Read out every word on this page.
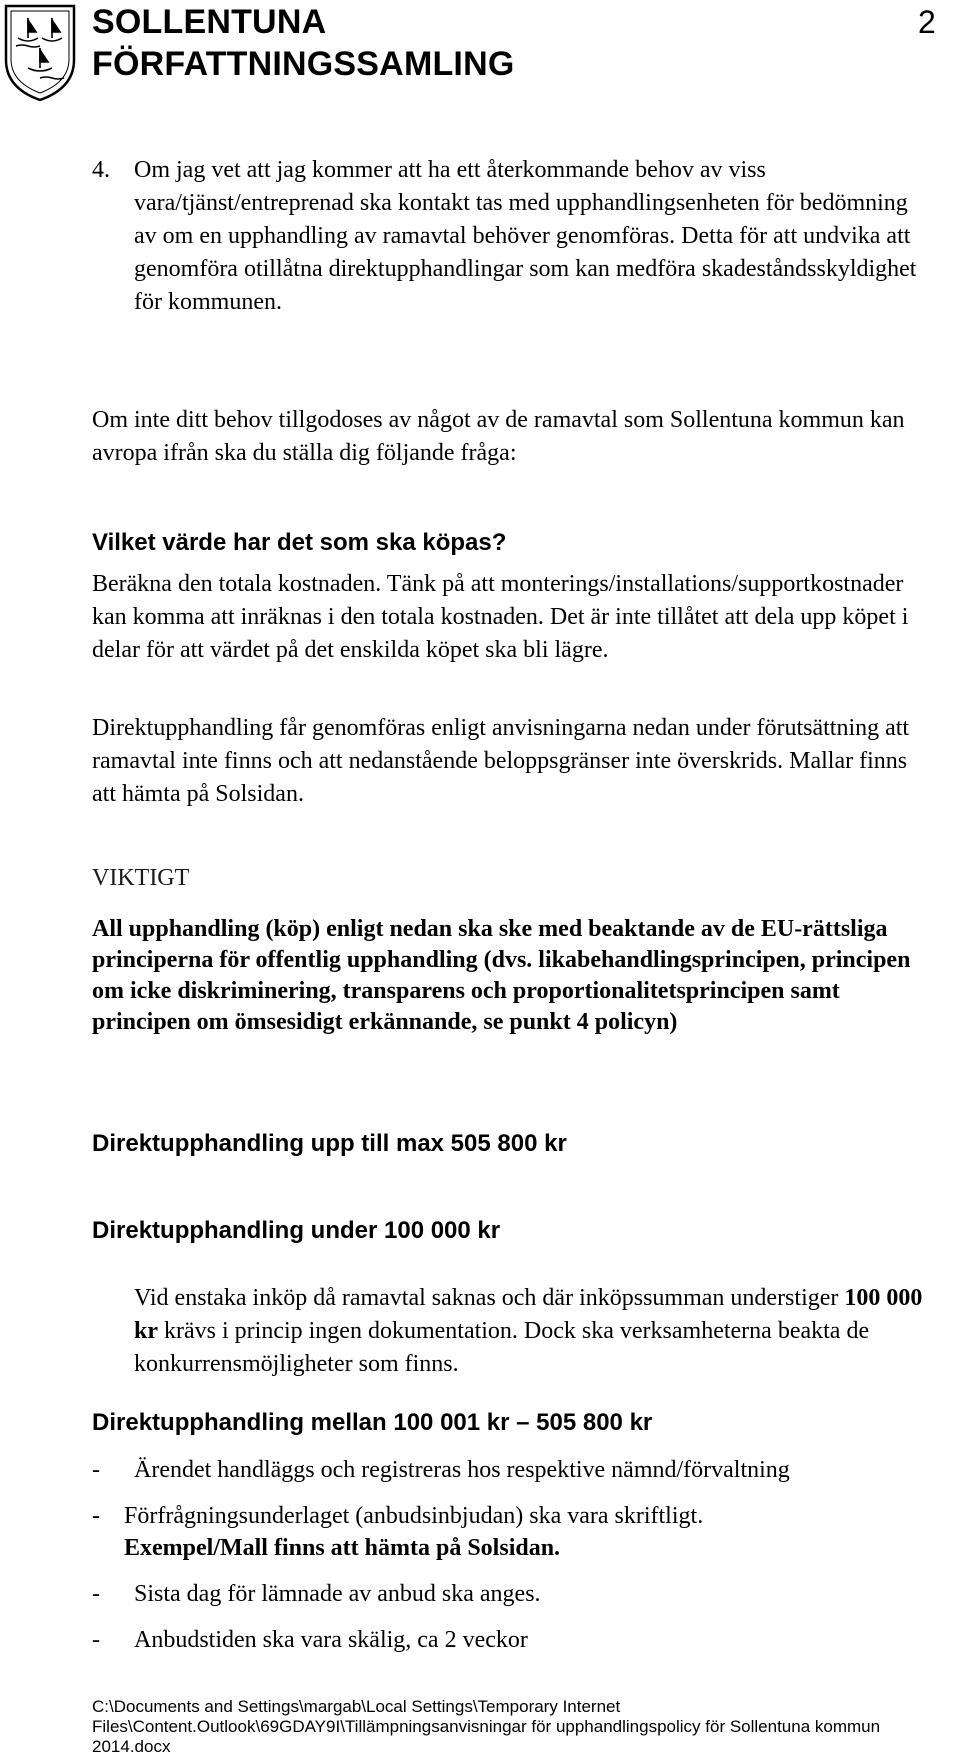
SOLLENTUNA
FÖRFATTNINGSSAMLING
2
4. Om jag vet att jag kommer att ha ett återkommande behov av viss vara/tjänst/entreprenad ska kontakt tas med upphandlingsenheten för bedömning av om en upphandling av ramavtal behöver genomföras. Detta för att undvika att genomföra otillåtna direktupphandlingar som kan medföra skadeståndsskyldighet för kommunen.
Om inte ditt behov tillgodoses av något av de ramavtal som Sollentuna kommun kan avropa ifrån ska du ställa dig följande fråga:
Vilket värde har det som ska köpas?
Beräkna den totala kostnaden. Tänk på att monterings/installations/supportkostnader kan komma att inräknas i den totala kostnaden. Det är inte tillåtet att dela upp köpet i delar för att värdet på det enskilda köpet ska bli lägre.
Direktupphandling får genomföras enligt anvisningarna nedan under förutsättning att ramavtal inte finns och att nedanstående beloppsgränser inte överskrids. Mallar finns att hämta på Solsidan.
VIKTIGT
All upphandling (köp) enligt nedan ska ske med beaktande av de EU-rättsliga principerna för offentlig upphandling (dvs. likabehandlingsprincipen, principen om icke diskriminering, transparens och proportionalitetsprincipen samt principen om ömsesidigt erkännande, se punkt 4 policyn)
Direktupphandling upp till max 505 800 kr
Direktupphandling under 100 000 kr
Vid enstaka inköp då ramavtal saknas och där inköpssumman understiger 100 000 kr krävs i princip ingen dokumentation. Dock ska verksamheterna beakta de konkurrensmöjligheter som finns.
Direktupphandling mellan 100 001 kr – 505 800 kr
- Ärendet handläggs och registreras hos respektive nämnd/förvaltning
- Förfrågningsunderlaget (anbudsinbjudan) ska vara skriftligt.
Exempel/Mall finns att hämta på Solsidan.
- Sista dag för lämnade av anbud ska anges.
- Anbudstiden ska vara skälig, ca 2 veckor
C:\Documents and Settings\margab\Local Settings\Temporary Internet Files\Content.Outlook\69GDAY9I\Tillämpningsanvisningar för upphandlingspolicy för Sollentuna kommun 2014.docx
